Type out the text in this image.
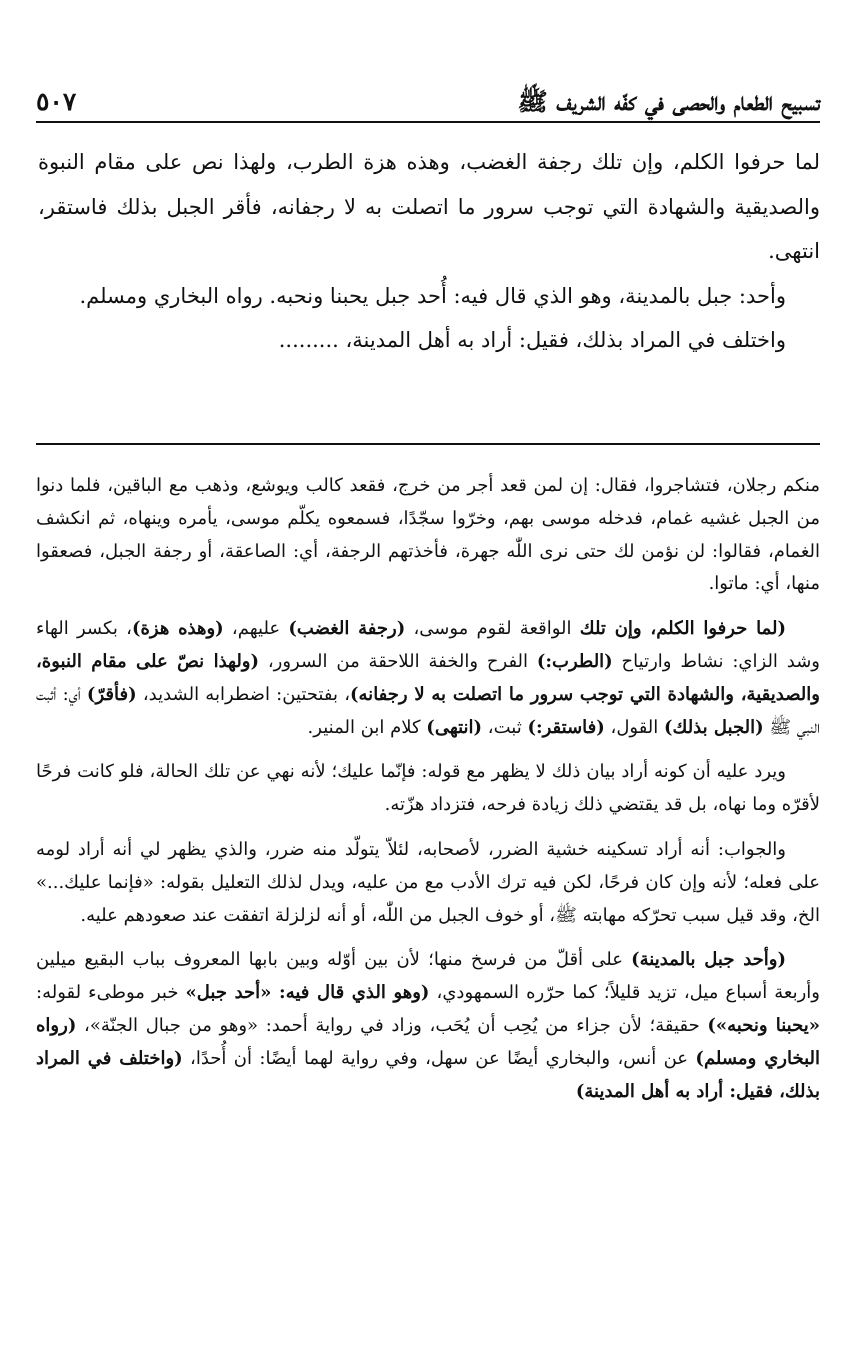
تسبيح الطعام والحصى في كفّه الشريف ﷺ
٥٠٧

لما حرفوا الكلم، وإن تلك رجفة الغضب، وهذه هزة الطرب، ولهذا نص على مقام النبوة والصديقية والشهادة التي توجب سرور ما اتصلت به لا رجفانه، فأقر الجبل بذلك فاستقر، انتهى.

وأحد: جبل بالمدينة، وهو الذي قال فيه: أُحد جبل يحبنا ونحبه. رواه البخاري ومسلم.

واختلف في المراد بذلك، فقيل: أراد به أهل المدينة، .........

منكم رجلان، فتشاجروا، فقال: إن لمن قعد أجر من خرج، فقعد كالب ويوشع، وذهب مع الباقين، فلما دنوا من الجبل غشيه غمام، فدخله موسى بهم، وخرّوا سجّدًا، فسمعوه يكلّم موسى، يأمره وينهاه، ثم انكشف الغمام، فقالوا: لن نؤمن لك حتى نرى اللّٰه جهرة، فأخذتهم الرجفة، أي: الصاعقة، أو رجفة الجبل، فصعقوا منها، أي: ماتوا.

(لما حرفوا الكلم، وإن تلك الواقعة لقوم موسى، (رجفة الغضب) عليهم، (وهذه هزة)، بكسر الهاء وشد الزاي: نشاط وارتياح (الطرب:) الفرح والخفة اللاحقة من السرور، (ولهذا نصّ على مقام النبوة، والصديقية، والشهادة التي توجب سرور ما اتصلت به لا رجفانه)، بفتحتين: اضطرابه الشديد، (فأقرّ) أي: أثبت النبي ﷺ (الجبل بذلك) القول، (فاستقر:) ثبت، (انتهى) كلام ابن المنير.

ويرد عليه أن كونه أراد بيان ذلك لا يظهر مع قوله: فإنّما عليك؛ لأنه نهي عن تلك الحالة، فلو كانت فرحًا لأقرّه وما نهاه، بل قد يقتضي ذلك زيادة فرحه، فتزداد هزّته.

والجواب: أنه أراد تسكينه خشية الضرر، لأصحابه، لئلاّ يتولّد منه ضرر، والذي يظهر لي أنه أراد لومه على فعله؛ لأنه وإن كان فرحًا، لكن فيه ترك الأدب مع من عليه، ويدل لذلك التعليل بقوله: «فإنما عليك...» الخ، وقد قيل سبب تحرّكه مهابته ﷺ، أو خوف الجبل من اللّٰه، أو أنه لزلزلة اتفقت عند صعودهم عليه.

(وأحد جبل بالمدينة) على أقلّ من فرسخ منها؛ لأن بين أوّله وبين بابها المعروف بباب البقيع ميلين وأربعة أسباع ميل، تزيد قليلاً؛ كما حرّره السمهودي، (وهو الذي قال فيه: «أحد جبل» خبر موطىء لقوله: «يحبنا ونحبه») حقيقة؛ لأن جزاء من يُحِب أن يُحَب، وزاد في رواية أحمد: «وهو من جبال الجنّة»، (رواه البخاري ومسلم) عن أنس، والبخاري أيضًا عن سهل، وفي رواية لهما أيضًا: أن أُحدًا، (واختلف في المراد بذلك، فقيل: أراد به أهل المدينة)
